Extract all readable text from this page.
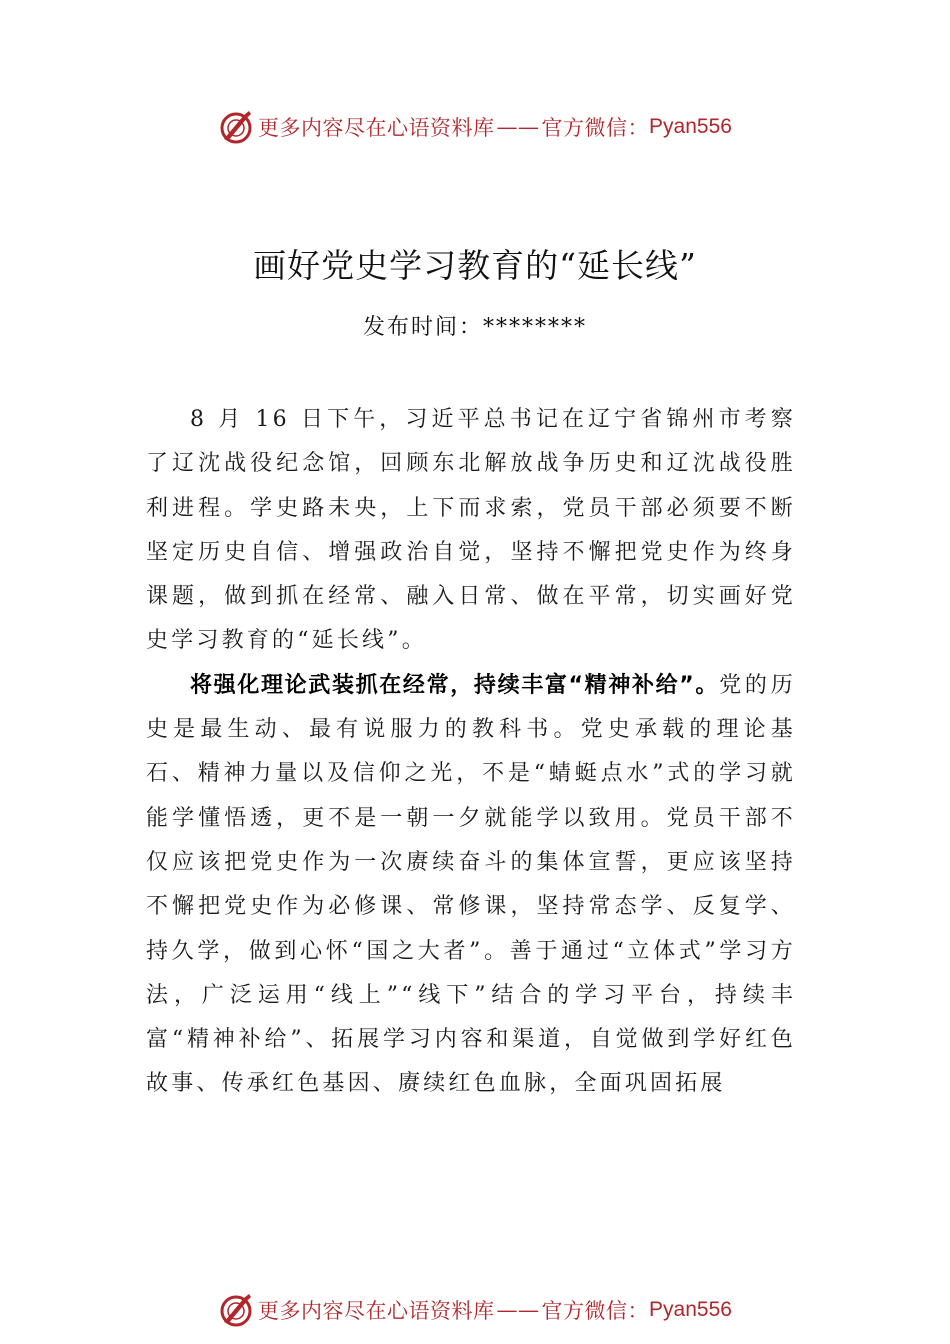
更多内容尽在心语资料库 —— 官方微信： Pyan556
画好党史学习教育的“延长线”
发布时间：********

8 月 16 日下午，习近平总书记在辽宁省锦州市考察了辽沈战役纪念馆，回顾东北解放战争历史和辽沈战役胜利进程。学史路未央，上下而求索，党员干部必须要不断坚定历史自信、增强政治自觉，坚持不懈把党史作为终身课题，做到抓在经常、融入日常、做在平常，切实画好党史学习教育的“延长线”。

将强化理论武装抓在经常，持续丰富“精神补给”。党的历史是最生动、最有说服力的教科书。党史承载的理论基石、精神力量以及信仰之光，不是“蜻蜓点水”式的学习就能学懂悟透，更不是一朝一夕就能学以致用。党员干部不仅应该把党史作为一次赓续奋斗的集体宣誓，更应该坚持不懈把党史作为必修课、常修课，坚持常态学、反复学、持久学，做到心怀“国之大者”。善于通过“立体式”学习方法，广泛运用“线上”“线下”结合的学习平台，持续丰富“精神补给”、拓展学习内容和渠道，自觉做到学好红色故事、传承红色基因、赓续红色血脉，全面巩固拓展

更多内容尽在心语资料库 —— 官方微信： Pyan556
